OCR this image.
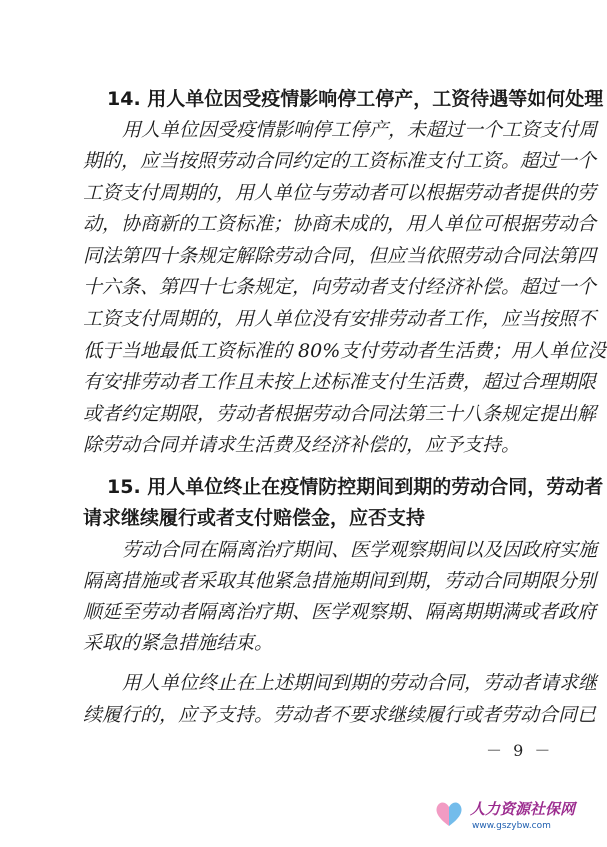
14. 用人单位因受疫情影响停工停产，工资待遇等如何处理
用人单位因受疫情影响停工停产，未超过一个工资支付周
期的，应当按照劳动合同约定的工资标准支付工资。超过一个
工资支付周期的，用人单位与劳动者可以根据劳动者提供的劳
动，协商新的工资标准；协商未成的，用人单位可根据劳动合
同法第四十条规定解除劳动合同，但应当依照劳动合同法第四
十六条、第四十七条规定，向劳动者支付经济补偿。超过一个
工资支付周期的，用人单位没有安排劳动者工作，应当按照不
低于当地最低工资标准的 80%支付劳动者生活费；用人单位没
有安排劳动者工作且未按上述标准支付生活费，超过合理期限
或者约定期限，劳动者根据劳动合同法第三十八条规定提出解
除劳动合同并请求生活费及经济补偿的，应予支持。
15. 用人单位终止在疫情防控期间到期的劳动合同，劳动者
请求继续履行或者支付赔偿金，应否支持
劳动合同在隔离治疗期间、医学观察期间以及因政府实施
隔离措施或者采取其他紧急措施期间到期，劳动合同期限分别
顺延至劳动者隔离治疗期、医学观察期、隔离期期满或者政府
采取的紧急措施结束。
用人单位终止在上述期间到期的劳动合同，劳动者请求继
续履行的，应予支持。劳动者不要求继续履行或者劳动合同已
－ 9 －
人力资源社保网
www.gszybw.com
